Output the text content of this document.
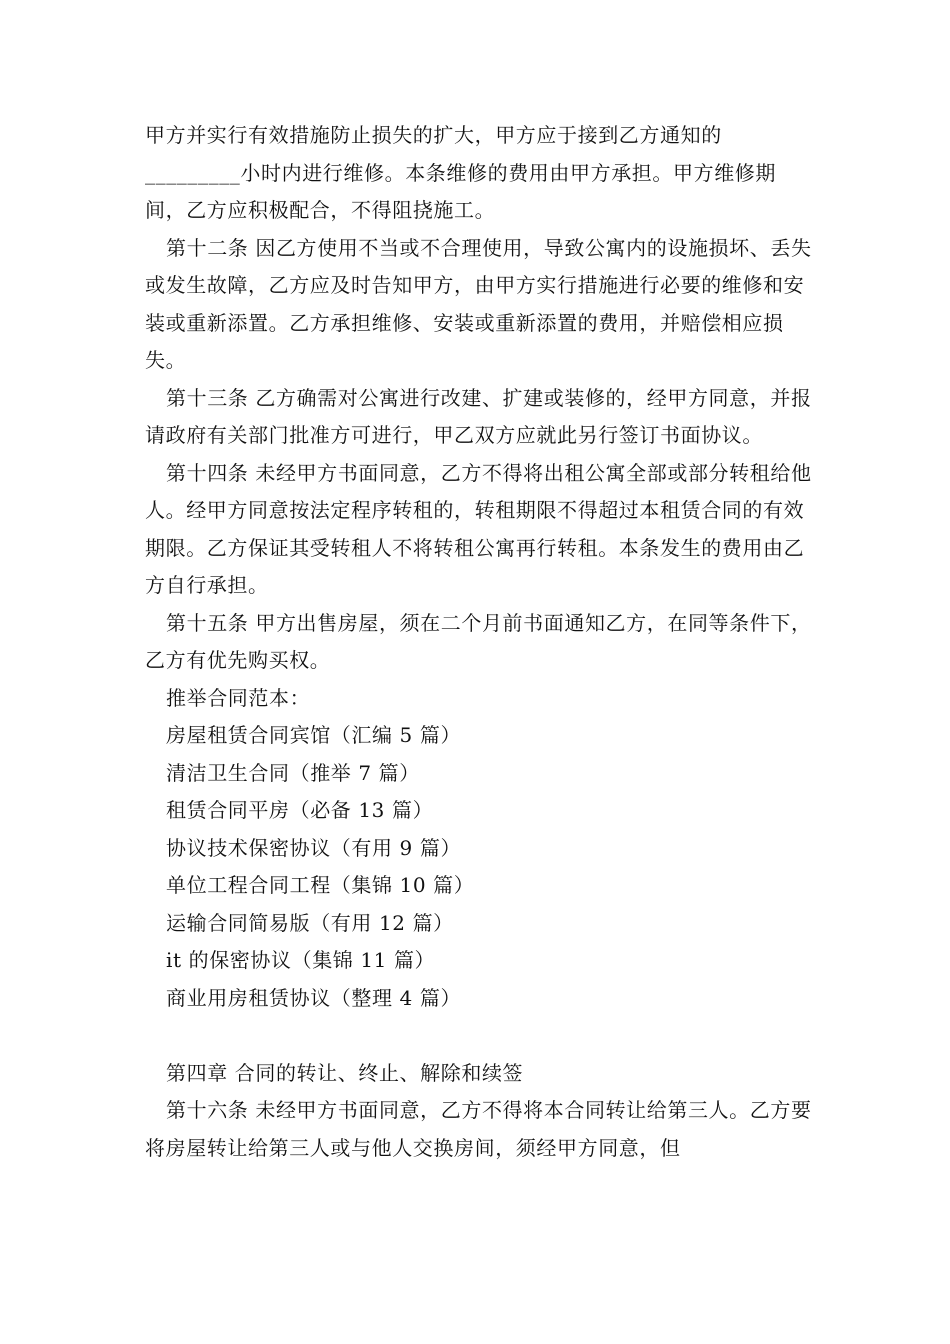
甲方并实行有效措施防止损失的扩大，甲方应于接到乙方通知的_________小时内进行维修。本条维修的费用由甲方承担。甲方维修期间，乙方应积极配合，不得阻挠施工。

第十二条 因乙方使用不当或不合理使用，导致公寓内的设施损坏、丢失或发生故障，乙方应及时告知甲方，由甲方实行措施进行必要的维修和安装或重新添置。乙方承担维修、安装或重新添置的费用，并赔偿相应损失。

第十三条 乙方确需对公寓进行改建、扩建或装修的，经甲方同意，并报请政府有关部门批准方可进行，甲乙双方应就此另行签订书面协议。

第十四条 未经甲方书面同意，乙方不得将出租公寓全部或部分转租给他人。经甲方同意按法定程序转租的，转租期限不得超过本租赁合同的有效期限。乙方保证其受转租人不将转租公寓再行转租。本条发生的费用由乙方自行承担。

第十五条 甲方出售房屋，须在二个月前书面通知乙方，在同等条件下，乙方有优先购买权。

推举合同范本：

房屋租赁合同宾馆（汇编 5 篇）
清洁卫生合同（推举 7 篇）
租赁合同平房（必备 13 篇）
协议技术保密协议（有用 9 篇）
单位工程合同工程（集锦 10 篇）
运输合同简易版（有用 12 篇）
it 的保密协议（集锦 11 篇）
商业用房租赁协议（整理 4 篇）

第四章 合同的转让、终止、解除和续签

第十六条 未经甲方书面同意，乙方不得将本合同转让给第三人。乙方要将房屋转让给第三人或与他人交换房间，须经甲方同意，但
